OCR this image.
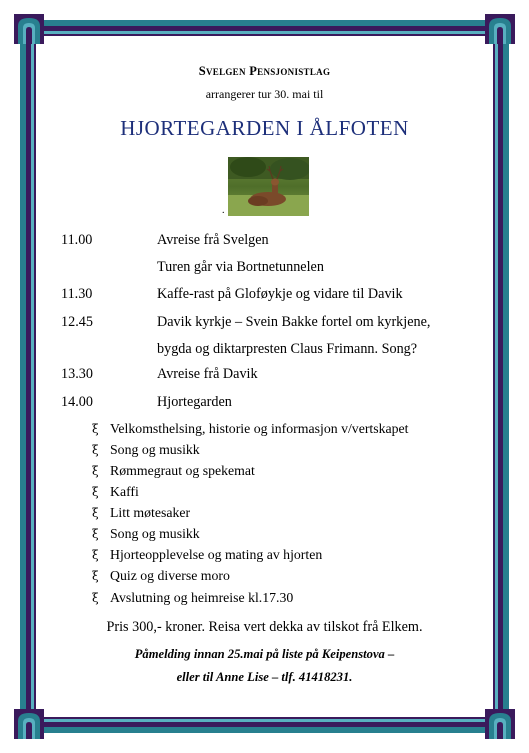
Svelgen Pensjonistlag
arrangerer tur 30. mai til
HJORTEGARDEN I ÅLFOTEN
.
11.00	Avreise frå Svelgen
Turen går via Bortnetunnelen
11.30	Kaffe-rast på Gloføykje og vidare til Davik
12.45	Davik kyrkje – Svein Bakke fortel om kyrkjene,
bygda og diktarpresten Claus Frimann. Song?
13.30	Avreise frå Davik
14.00	Hjortegarden
ξ Velkomsthelsing, historie og informasjon v/vertskapet
ξ Song og musikk
ξ Rømmegraut og spekemat
ξ Kaffi
ξ Litt møtesaker
ξ Song og musikk
ξ Hjorteopplevelse og mating av hjorten
ξ Quiz og diverse moro
ξ Avslutning og heimreise kl.17.30
Pris 300,- kroner. Reisa vert dekka av tilskot frå Elkem.
Påmelding innan 25.mai på liste på Keipenstova –
eller til Anne Lise – tlf. 41418231.
